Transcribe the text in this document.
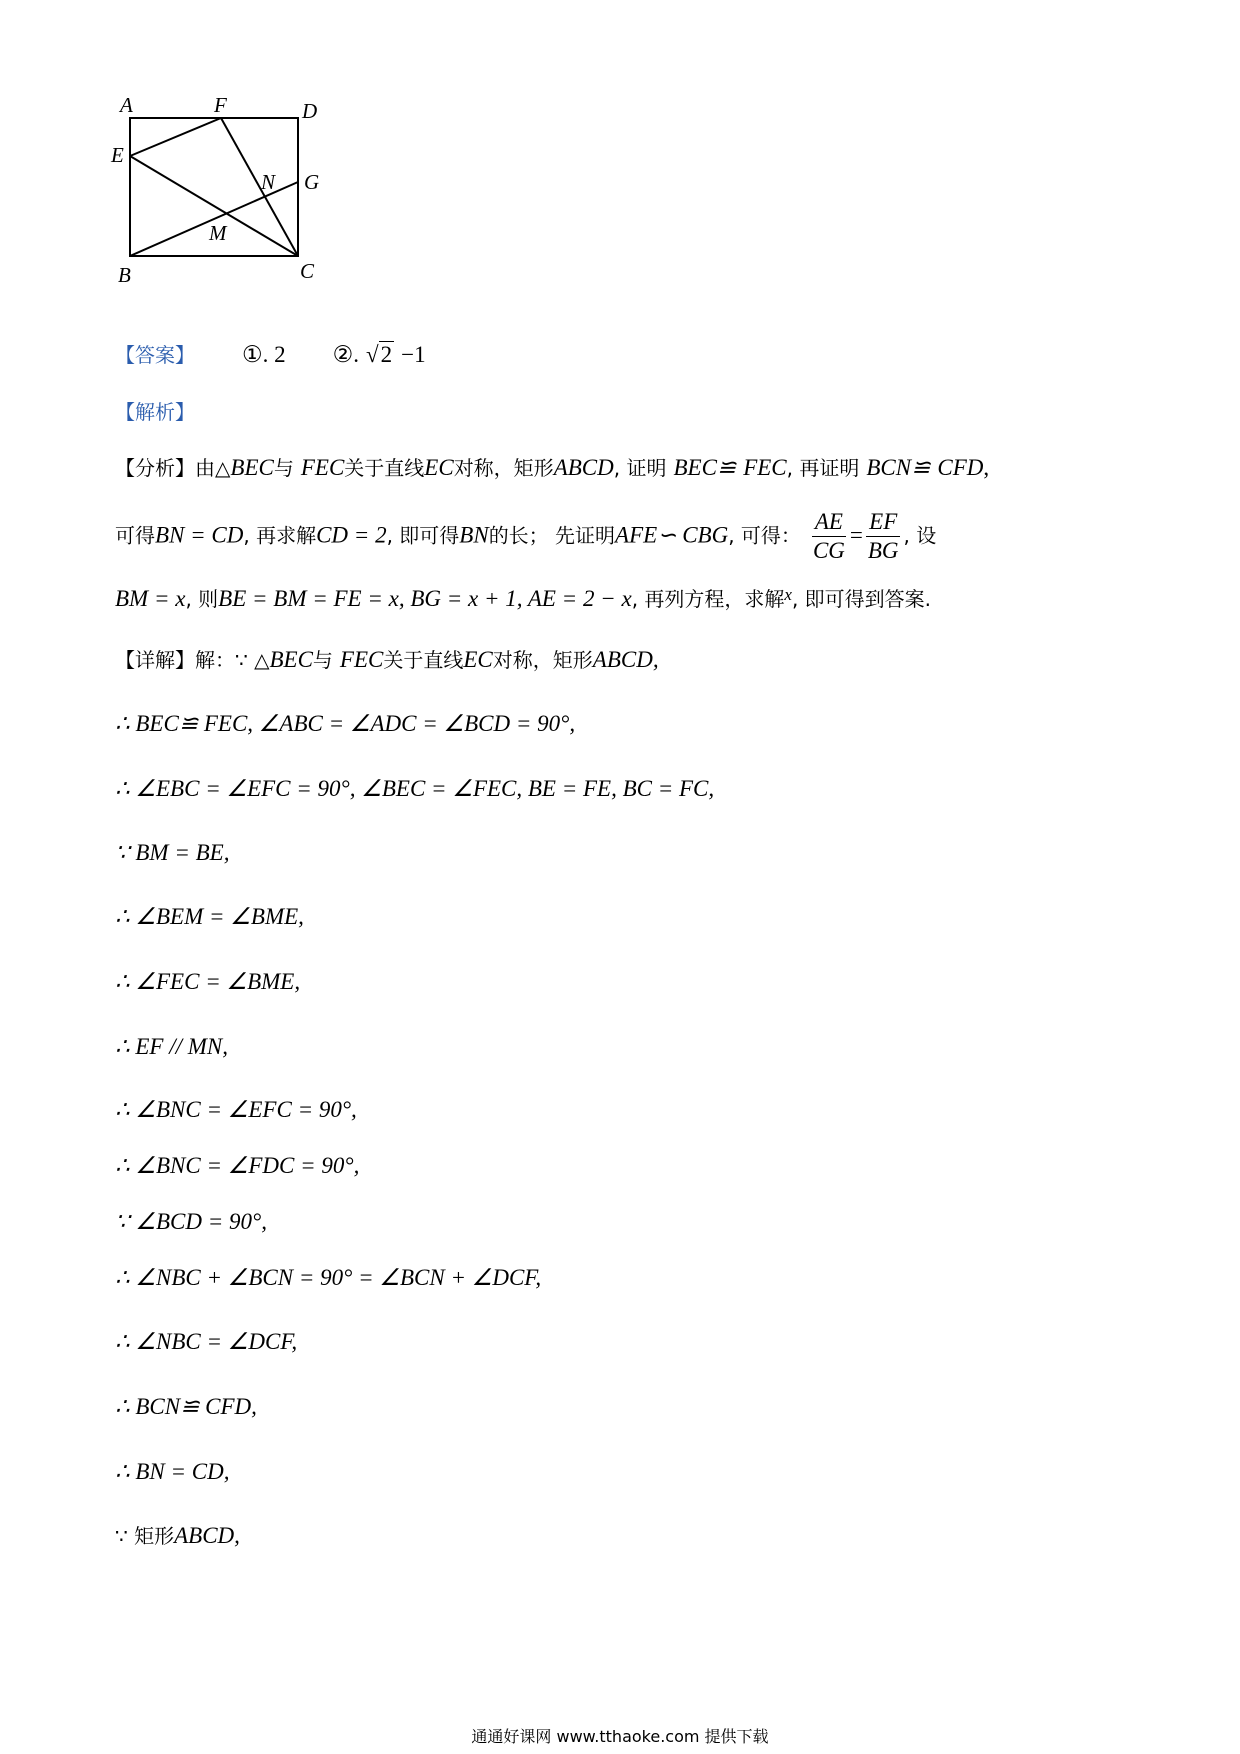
A	F	D
E
N G
M
B	C
【答案】 ①. 2 ②. √2 −1
【解析】
【分析】由△BEC与 FEC关于直线EC对称，矩形ABCD, 证明 BEC≌ FEC, 再证明 BCN≌ CFD,
可得BN = CD, 再求解CD = 2, 即可得BN的长； 先证明AFE∽ CBG, 可得： $\frac{AE}{CG} = \frac{EF}{BG}$ , 设
BM = x, 则BE = BM = FE = x, BG = x + 1, AE = 2 − x, 再列方程，求解$^x$, 即可得到答案.
【详解】解：∵ △BEC与 FEC关于直线EC对称，矩形ABCD,
∴ BEC≌ FEC, ∠ABC = ∠ADC = ∠BCD = 90°,
∴ ∠EBC = ∠EFC = 90°, ∠BEC = ∠FEC, BE = FE, BC = FC,
∵ BM = BE,
∴ ∠BEM = ∠BME,
∴ ∠FEC = ∠BME,
∴ EF // MN,
∴ ∠BNC = ∠EFC = 90°,
∴ ∠BNC = ∠FDC = 90°,
∵ ∠BCD = 90°,
∴ ∠NBC + ∠BCN = 90° = ∠BCN + ∠DCF,
∴ ∠NBC = ∠DCF,
∴ BCN≌ CFD,
∴ BN = CD,
∵ 矩形ABCD,
通通好课网 www.tthaoke.com 提供下载
